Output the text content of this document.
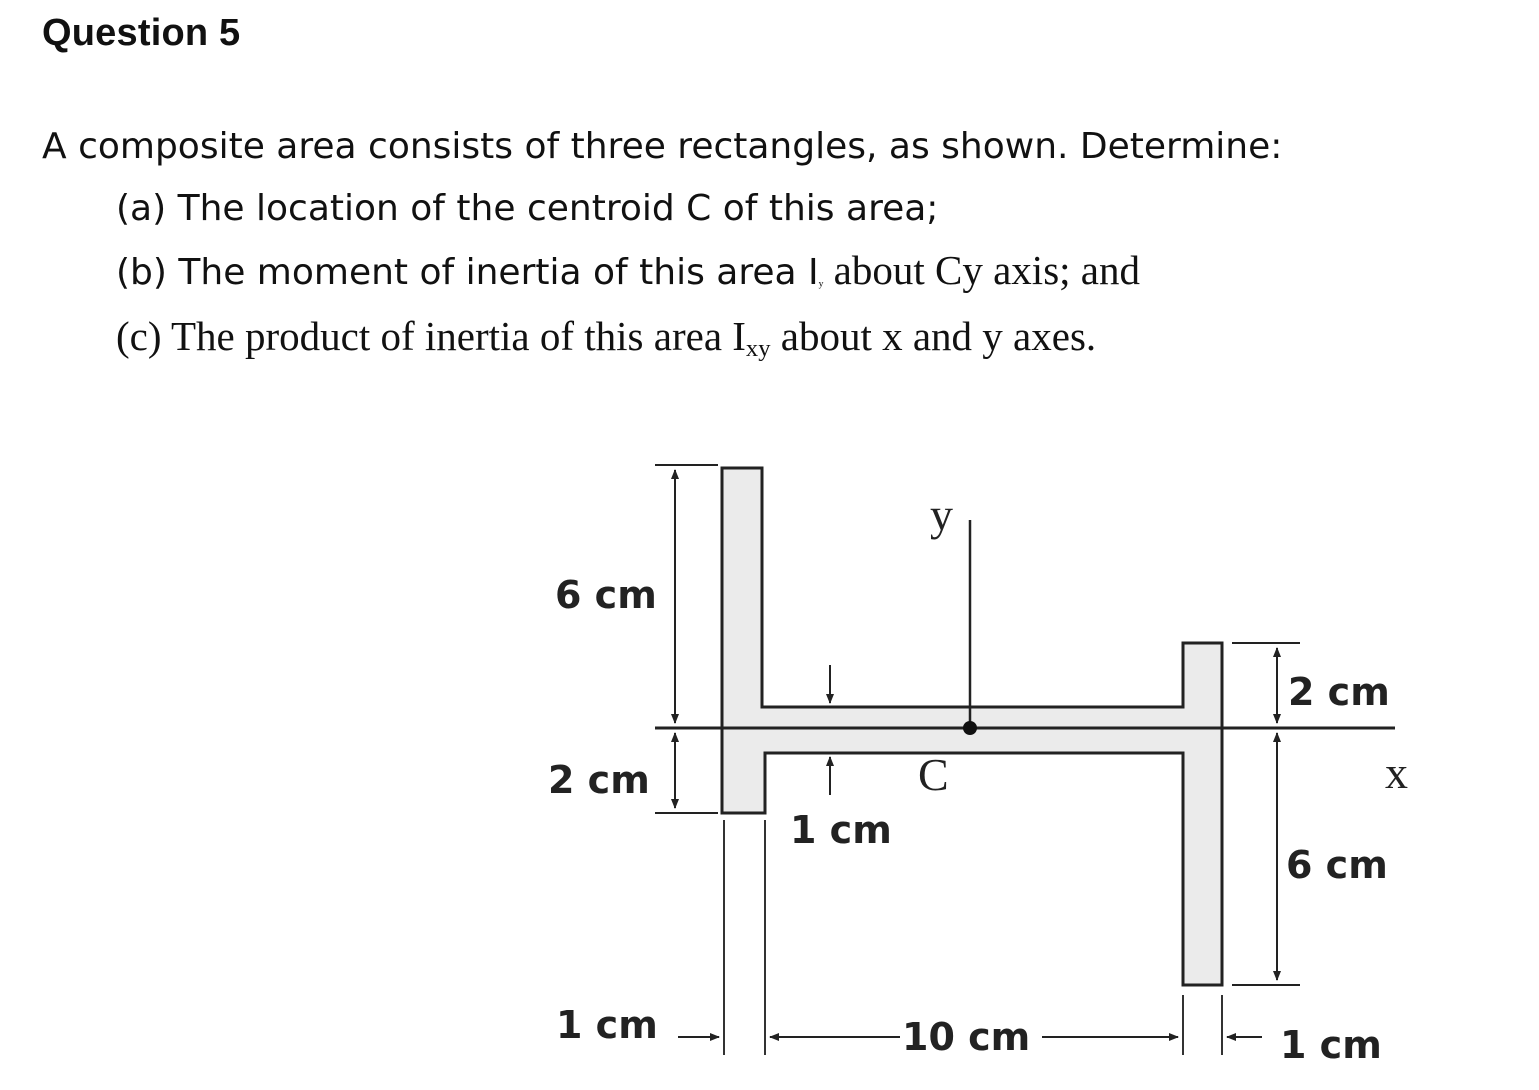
Question 5
A composite area consists of three rectangles, as shown. Determine:
(a) The location of the centroid C of this area;
(b) The moment of inertia of this area $I_y$ about Cy axis; and
(c) The product of inertia of this area $I_{xy}$ about x and y axes.
6 cm
2 cm
1 cm
2 cm
6 cm
1 cm	10 cm	1 cm
y
x
C
